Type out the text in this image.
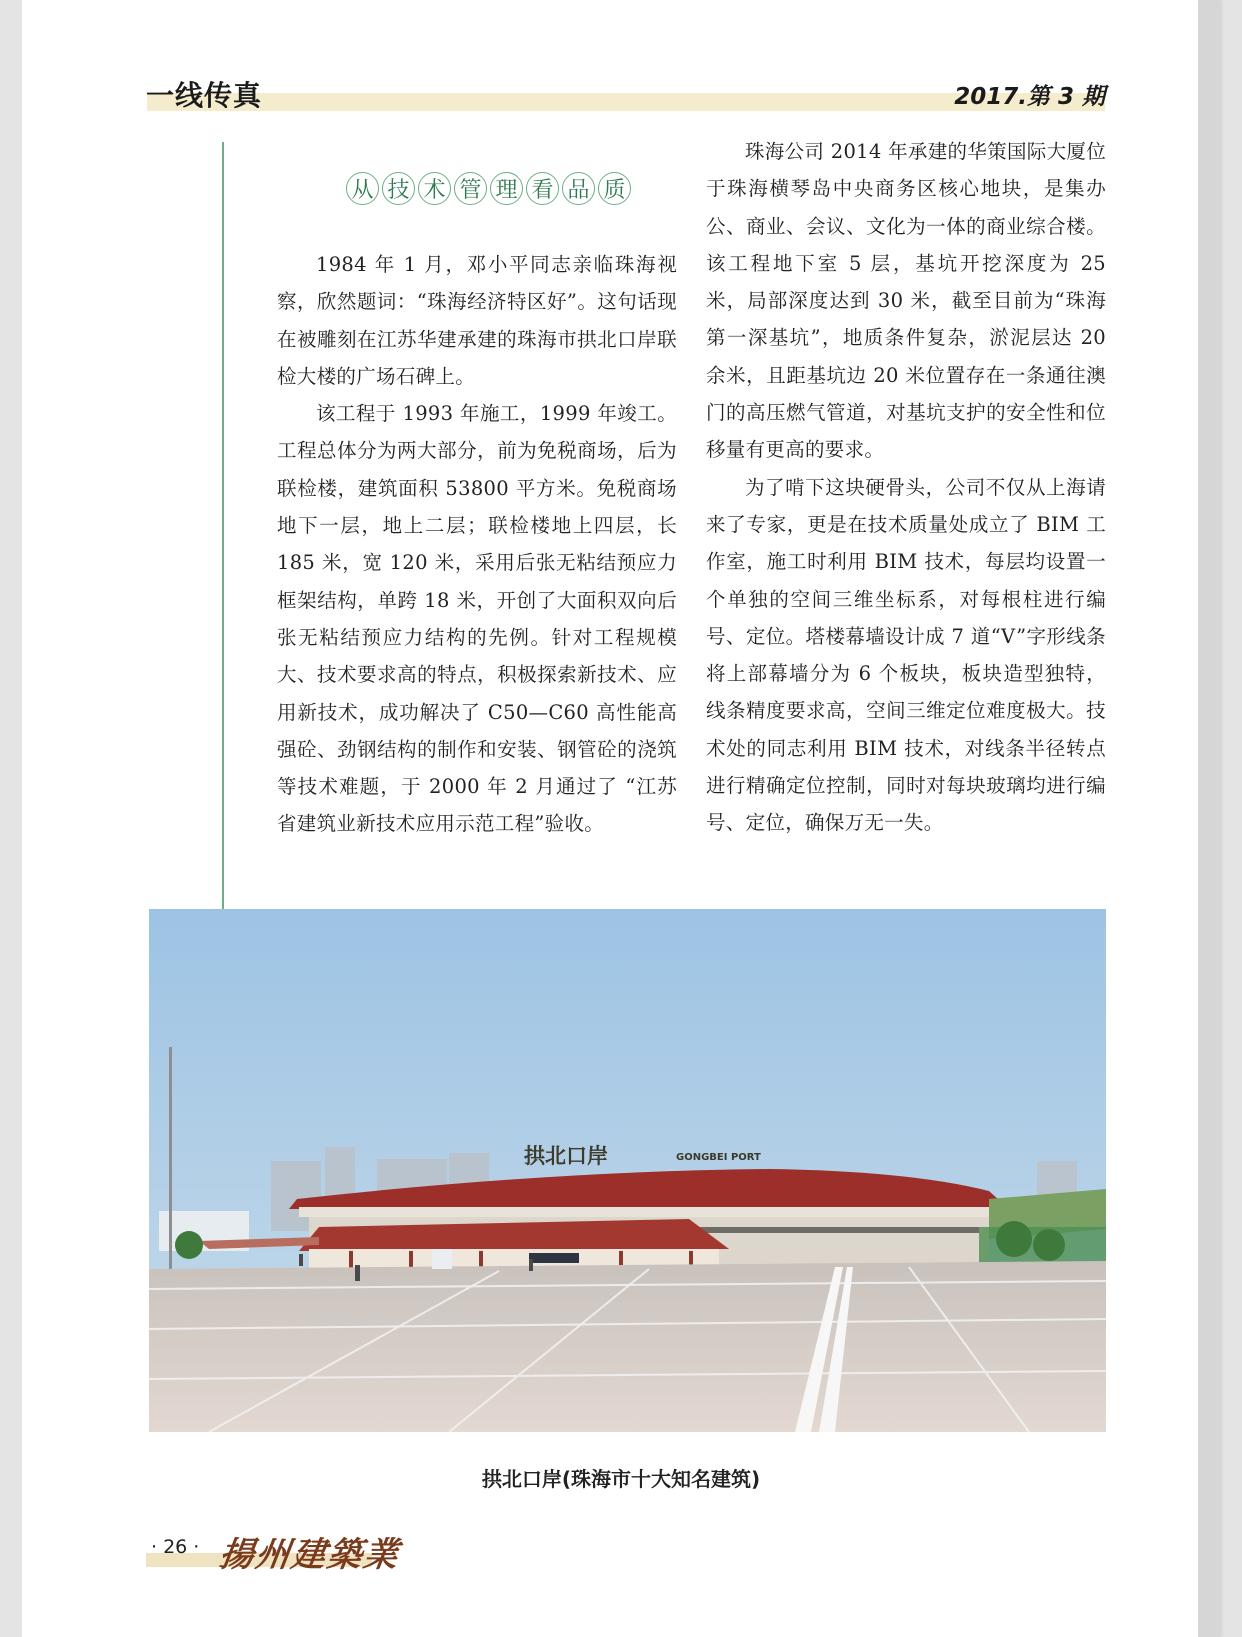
一线传真	2017.第 3 期
从 技 术 管 理 看 品 质

1984 年 1 月，邓小平同志亲临珠海视察，欣然题词：“珠海经济特区好”。这句话现在被雕刻在江苏华建承建的珠海市拱北口岸联检大楼的广场石碑上。

该工程于 1993 年施工，1999 年竣工。工程总体分为两大部分，前为免税商场，后为联检楼，建筑面积 53800 平方米。免税商场地下一层，地上二层；联检楼地上四层，长 185 米，宽 120 米，采用后张无粘结预应力框架结构，单跨 18 米，开创了大面积双向后张无粘结预应力结构的先例。针对工程规模大、技术要求高的特点，积极探索新技术、应用新技术，成功解决了 C50—C60 高性能高强砼、劲钢结构的制作和安装、钢管砼的浇筑等技术难题，于 2000 年 2 月通过了 “江苏省建筑业新技术应用示范工程”验收。

珠海公司 2014 年承建的华策国际大厦位于珠海横琴岛中央商务区核心地块，是集办公、商业、会议、文化为一体的商业综合楼。该工程地下室 5 层，基坑开挖深度为 25 米，局部深度达到 30 米，截至目前为“珠海第一深基坑”，地质条件复杂，淤泥层达 20 余米，且距基坑边 20 米位置存在一条通往澳门的高压燃气管道，对基坑支护的安全性和位移量有更高的要求。

为了啃下这块硬骨头，公司不仅从上海请来了专家，更是在技术质量处成立了 BIM 工作室，施工时利用 BIM 技术，每层均设置一个单独的空间三维坐标系，对每根柱进行编号、定位。塔楼幕墙设计成 7 道“V”字形线条将上部幕墙分为 6 个板块，板块造型独特，线条精度要求高，空间三维定位难度极大。技术处的同志利用 BIM 技术，对线条半径转点进行精确定位控制，同时对每块玻璃均进行编号、定位，确保万无一失。

拱北口岸	GONGBEI PORT
拱北口岸(珠海市十大知名建筑)
· 26 · 揚州建築業
